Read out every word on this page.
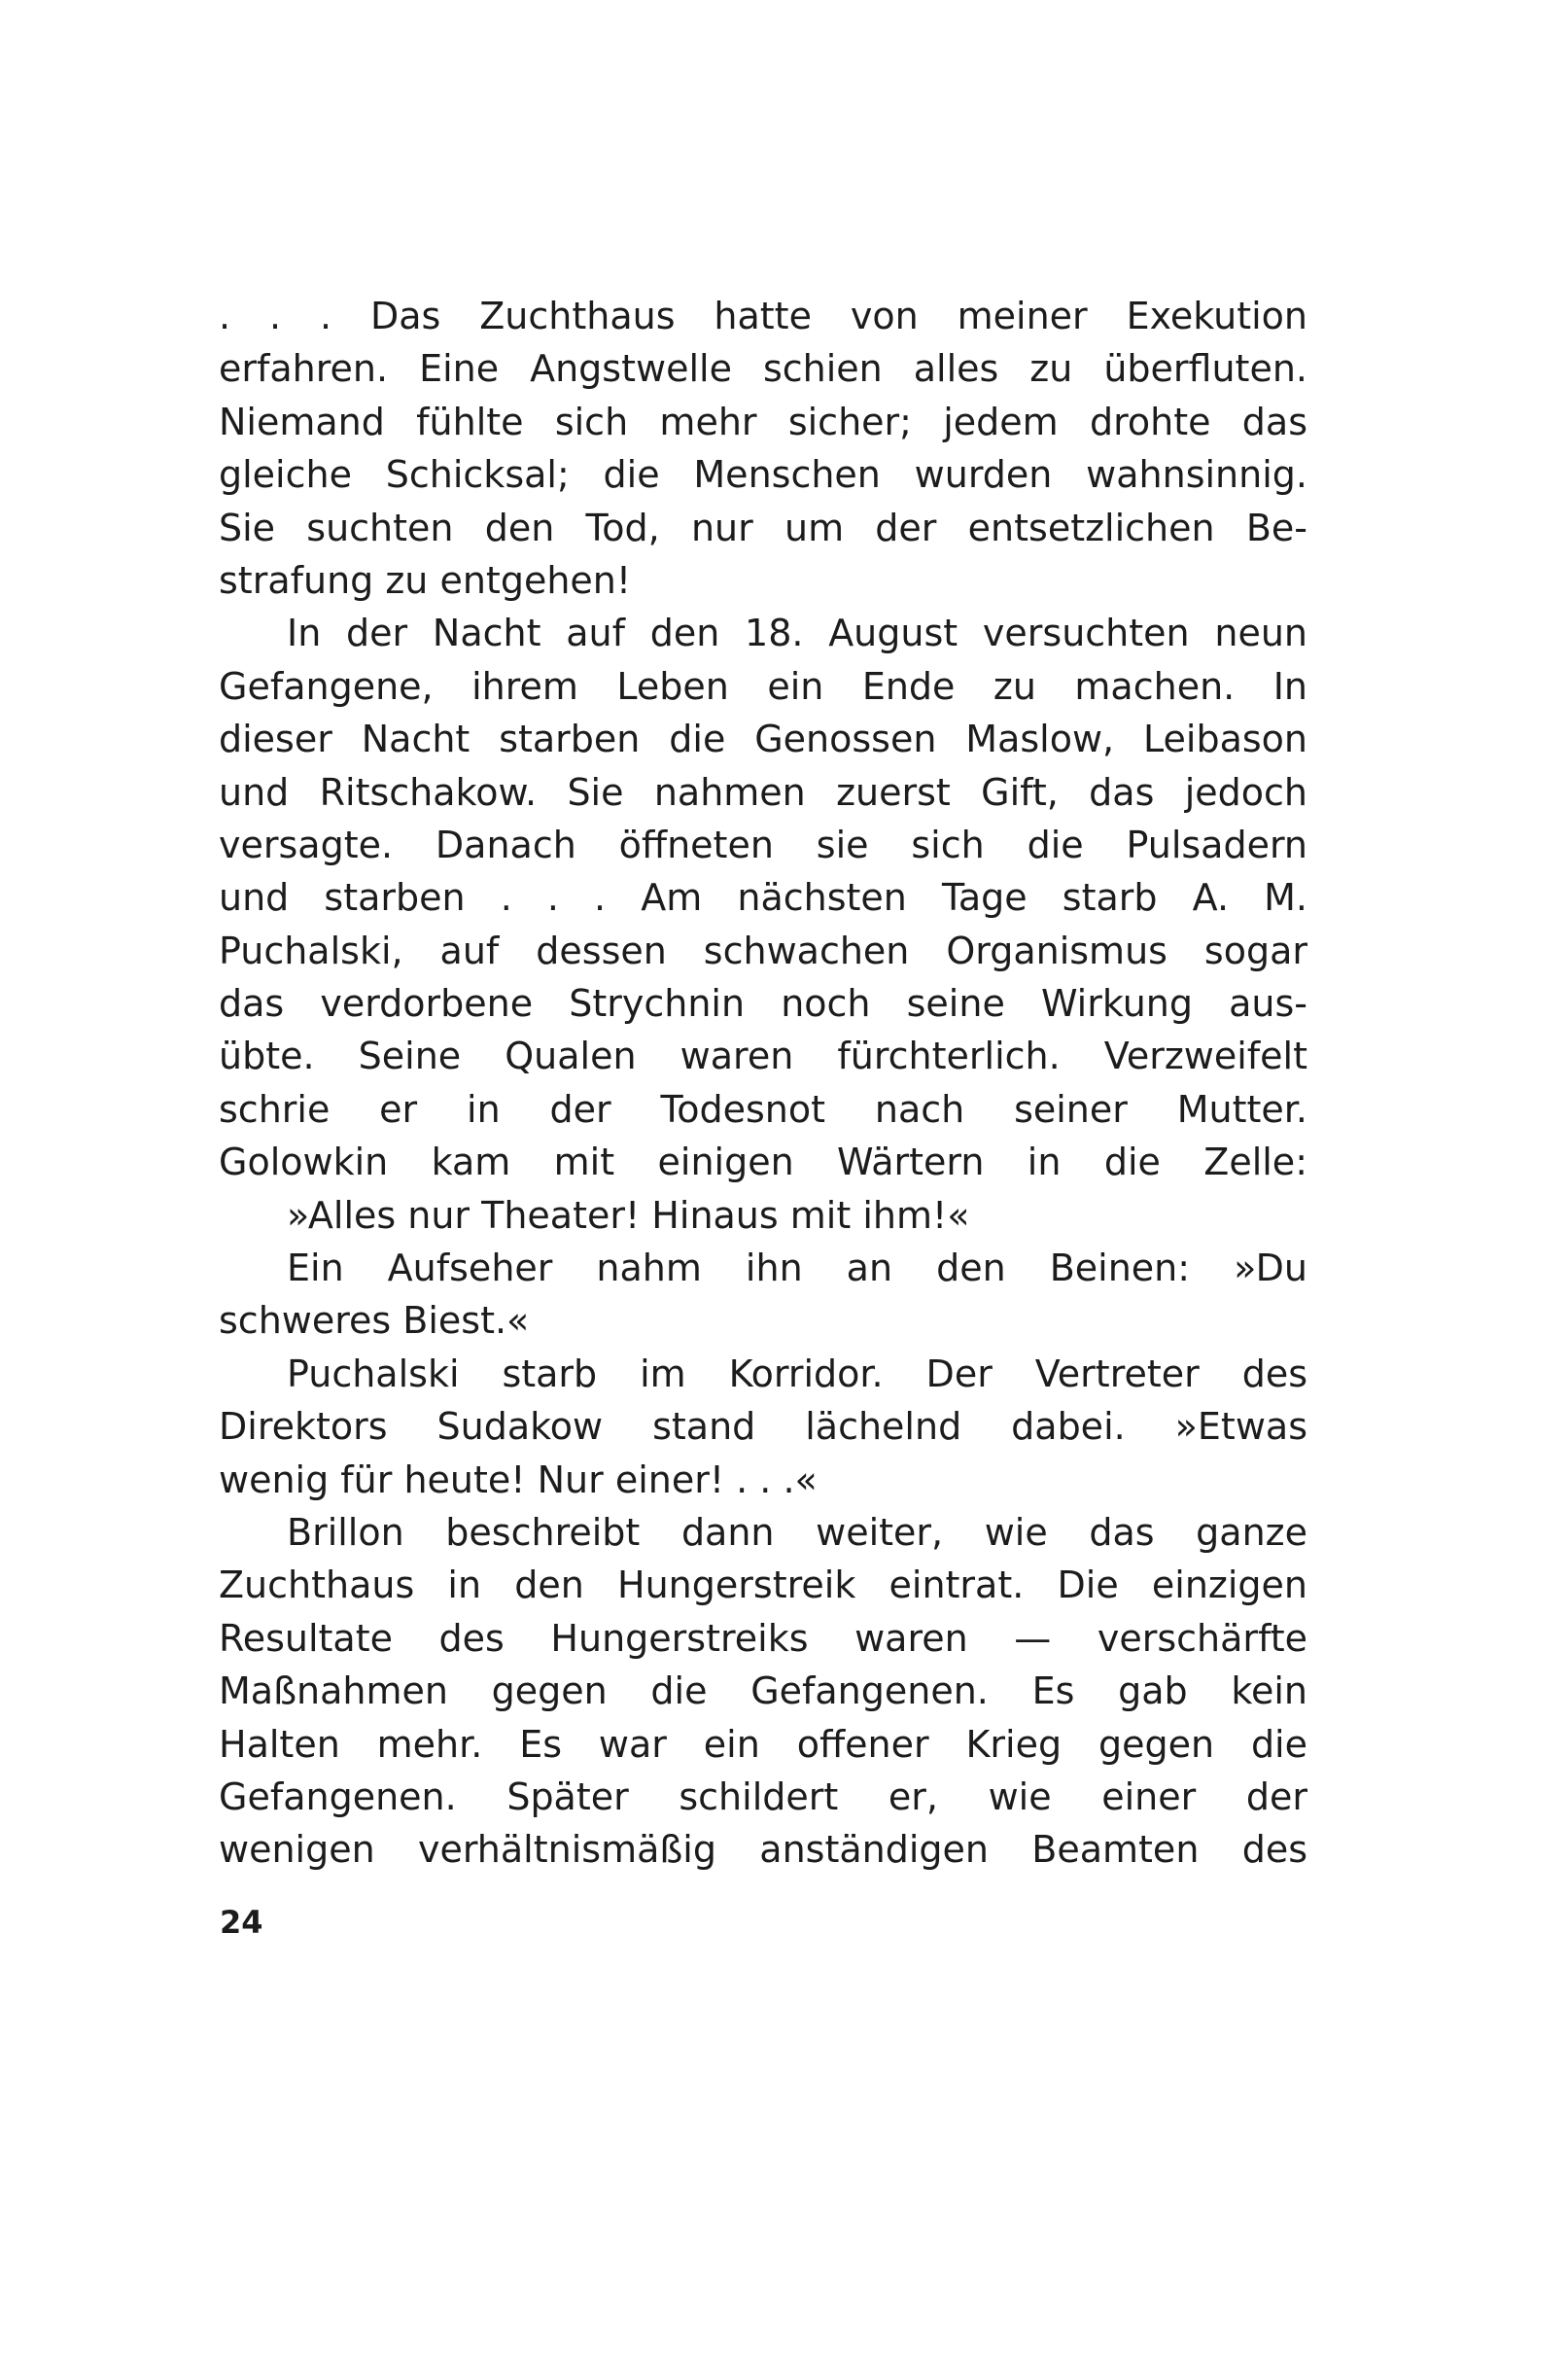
. . . Das Zuchthaus hatte von meiner Exekution
erfahren. Eine Angstwelle schien alles zu überfluten.
Niemand fühlte sich mehr sicher; jedem drohte das
gleiche Schicksal; die Menschen wurden wahnsinnig.
Sie suchten den Tod, nur um der entsetzlichen Be-
strafung zu entgehen!
In der Nacht auf den 18. August versuchten neun
Gefangene, ihrem Leben ein Ende zu machen. In
dieser Nacht starben die Genossen Maslow, Leibason
und Ritschakow. Sie nahmen zuerst Gift, das jedoch
versagte. Danach öffneten sie sich die Pulsadern
und starben . . . Am nächsten Tage starb A. M.
Puchalski, auf dessen schwachen Organismus sogar
das verdorbene Strychnin noch seine Wirkung aus-
übte. Seine Qualen waren fürchterlich. Verzweifelt
schrie er in der Todesnot nach seiner Mutter.
Golowkin kam mit einigen Wärtern in die Zelle:
»Alles nur Theater! Hinaus mit ihm!«
Ein Aufseher nahm ihn an den Beinen: »Du
schweres Biest.«
Puchalski starb im Korridor. Der Vertreter des
Direktors Sudakow stand lächelnd dabei. »Etwas
wenig für heute! Nur einer! . . .«
Brillon beschreibt dann weiter, wie das ganze
Zuchthaus in den Hungerstreik eintrat. Die einzigen
Resultate des Hungerstreiks waren — verschärfte
Maßnahmen gegen die Gefangenen. Es gab kein
Halten mehr. Es war ein offener Krieg gegen die
Gefangenen. Später schildert er, wie einer der
wenigen verhältnismäßig anständigen Beamten des
24
